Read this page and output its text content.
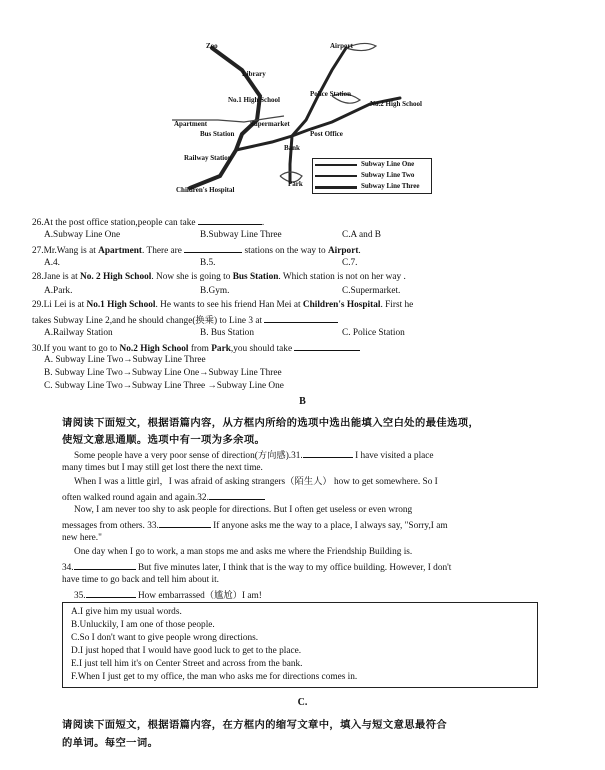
Zoo	Airport
Library
No.1 High School
Police Station
No.2 High School
Apartment	Supermarket
Bus Station	Post Office
Bank
Railway Station
Park
Children's Hospital
Subway Line One
Subway Line Two
Subway Line Three
26.At the post office station,people can take	.
A.Subway Line One	B.Subway Line Three	C.A and B
27.Mr.Wang is at Apartment. There are	stations on the way to Airport.
A.4.	B.5.	C.7.
28.Jane is at No. 2 High School. Now she is going to Bus Station. Which station is not on her way .
A.Park.	B.Gym.	C.Supermarket.
29.Li Lei is at No.1 High School. He wants to see his friend Han Mei at Children's Hospital. First he
takes Subway Line 2,and he should change(换乘) to Line 3 at
A.Railway Station	B. Bus Station	C. Police Station
30.If you want to go to No.2 High School from Park,you should take
A. Subway Line Two→Subway Line Three
B. Subway Line Two→Subway Line One→Subway Line Three
C. Subway Line Two→Subway Line Three →Subway Line One
B
请阅读下面短文，根据语篇内容，从方框内所给的选项中选出能填入空白处的最佳选项，
使短文意思通顺。选项中有一项为多余项。
Some people have a very poor sense of direction(方向感).31.	I have visited a place
many times but I may still get lost there the next time.
When I was a little girl，I was afraid of asking strangers（陌生人） how to get somewhere. So I
often walked round again and again.32.
Now, I am never too shy to ask people for directions. But I often get useless or even wrong
messages from others. 33.	If anyone asks me the way to a place, I always say, "Sorry,I am
new here."
One day when I go to work, a man stops me and asks me where the Friendship Building is.
34.	But five minutes later, I think that is the way to my office building. However, I don't
have time to go back and tell him about it.
35.	How embarrassed（尴尬）I am!
A.I give him my usual words.
B.Unluckily, I am one of those people.
C.So I don't want to give people wrong directions.
D.I just hoped that I would have good luck to get to the place.
E.I just tell him it's on Center Street and across from the bank.
F.When I just get to my office, the man who asks me for directions comes in.
C.
请阅读下面短文，根据语篇内容，在方框内的缩写文章中，填入与短文意思最符合
的单词。每空一词。
